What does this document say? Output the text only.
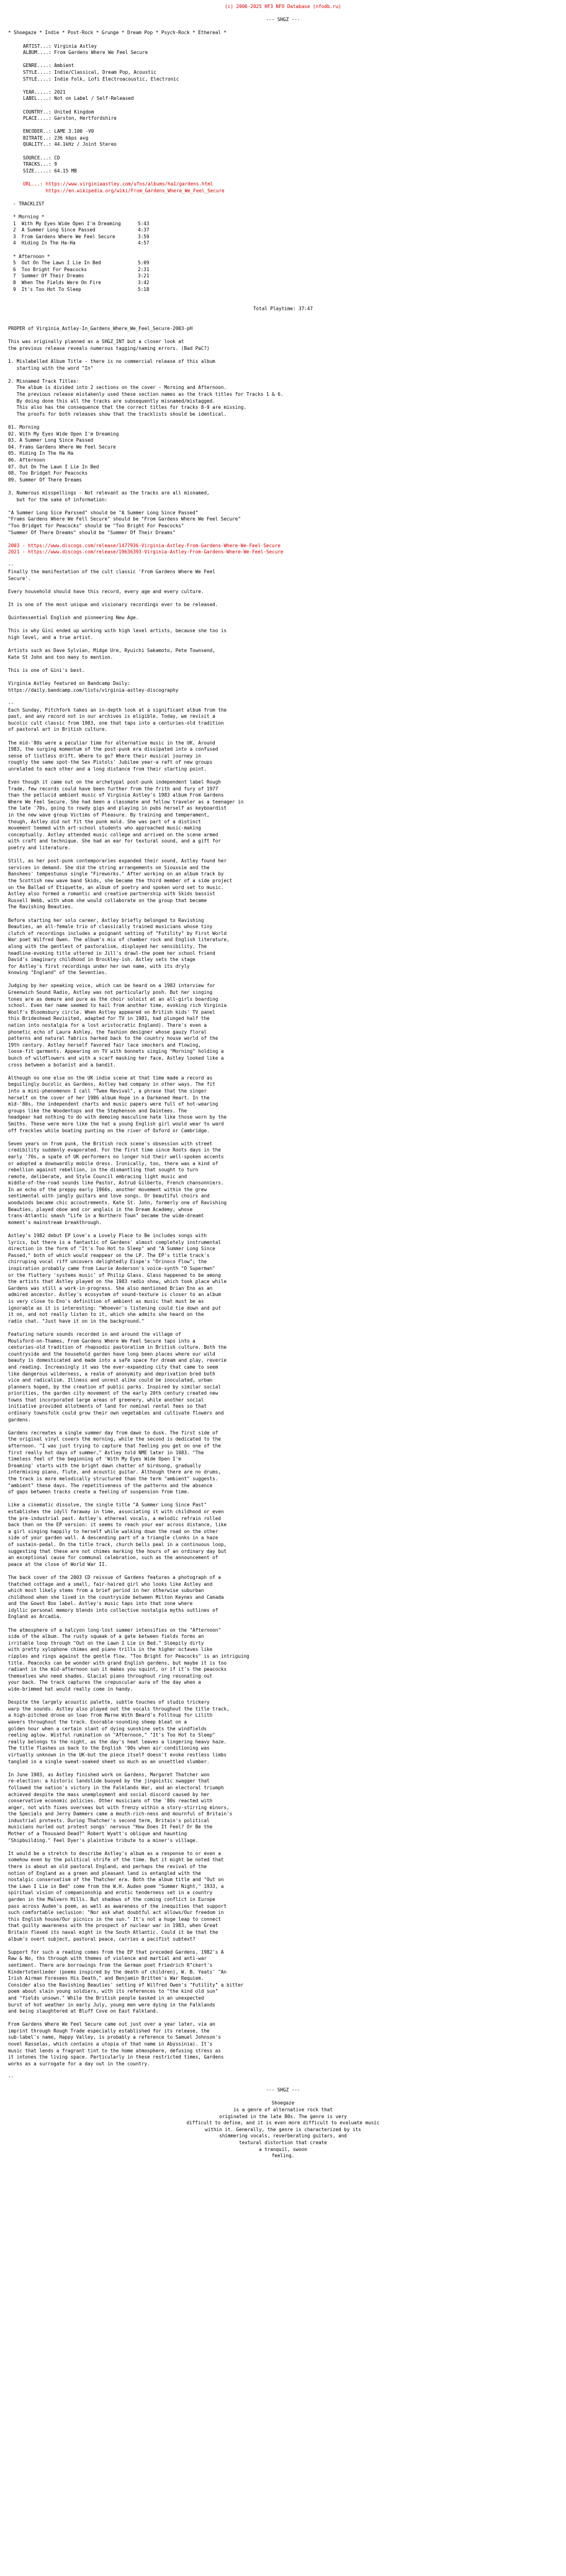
(c) 2006-2025 HF3 NFO Database (nfodb.ru)
--- SHGZ ---
* Shoegaze * Indie * Post-Rock * Grunge * Dream Pop * Psych-Rock * Ethereal *
ARTIST...: Virginia Astley
ALBUM....: From Gardens Where We Feel Secure
GENRE....: Ambient
STYLE....: Indie/Classical, Dream Pop, Acoustic
STYLE....: Indie Folk, Lofi Electroacoustic, Electronic
YEAR.....: 2021
LABEL....: Not on Label / Self-Released
COUNTRY..: United Kingdom
PLACE....: Garston, Hertfordshire
ENCODER..: LAME 3.100 -V0
BITRATE..: 236 kbps avg
QUALITY..: 44.1kHz / Joint Stereo
SOURCE...: CD
TRACKS...: 9
SIZE.....: 64.15 MB
URL...: https://www.virginiaastley.com/ufos/albums/ha1/gardens.html
https://en.wikipedia.org/wiki/From_Gardens_Where_We_Feel_Secure
- TRACKLIST
* Morning *
1  With My Eyes Wide Open I'm Dreaming      5:43
2  A Summer Long Since Passed               4:37
3  From Gardens Where We Feel Secure        3:59
4  Hiding In The Ha-Ha                      4:57
* Afternoon *
5  Out On The Lawn I Lie In Bed             5:09
6  Too Bright For Peacocks                  2:31
7  Summer Of Their Dreams                   3:21
8  When The Fields Were On Fire             3:42
9  It's Too Hot To Sleep                    5:18
Total Playtime: 37:47
PROPER of Virginia_Astley-In_Gardens_Where_We_Feel_Secure-2003-pH
This was originally planned as a SHGZ_INT but a closer look at
the previous release reveals numerous tagging/naming errors. (Bad PaC?)
1. Mislabelled Album Title - there is no commercial release of this album
starting with the word "In"
2. Misnamed Track Titles:
The album is divided into 2 sections on the cover - Morning and Afternoon.
The previous release mistakenly used these section names as the track titles for Tracks 1 & 6.
By doing done this all the tracks are subsequently misnamed/mistagged.
This also has the consequence that the correct titles for tracks 8-9 are missing.
The proofs for both releases show that the tracklists should be identical.
01. Morning
02. With My Eyes Wide Open I'm Dreaming
03. A Summer Long Since Passed
04. Frams Gardens Where We Feel Secure
05. Hiding In The Ha Ha
06. Afternoon
07. Out On The Lawn I Lie In Bed
08. Too Bridget For Peacocks
09. Summer Of There Dreams
3. Numerous misspellings - Not relevant as the tracks are all misnamed,
but for the sake of information:
"A Summer Long Sice Parssed" should be "A Summer Long Since Passed"
"Frams Gardens Where We Fell Secure" should be "From Gardens Where We Feel Secure"
"Too Bridget for Peacocks" should be "Too Bright For Peacocks"
"Summer Of There Dreams" should be "Summer Of Their Dreams"
2003 - https://www.discogs.com/release/1477936-Virginia-Astley-From-Gardens-Where-We-Feel-Secure
2021 - https://www.discogs.com/release/19636393-Virginia-Astley-From-Gardens-Where-We-Feel-Secure
--
Finally the manifestation of the cult classic 'From Gardens Where We Feel
Secure'.
Every household should have this record, every age and every culture.
It is one of the most unique and visionary recordings ever to be released.
Quintessential English and pioneering New Age.
This is why Gini ended up working with high level artists, because she too is
high level, and a true artist.
Artists such as Dave Sylvian, Midge Ure, Ryuichi Sakamoto, Pete Townsend,
Kate St John and too many to mention.
This is one of Gini's best.
Virginia Astley featured on Bandcamp Daily:
https://daily.bandcamp.com/lists/virginia-astley-discography
--
Each Sunday, Pitchfork takes an in-depth look at a significant album from the
past, and any record not in our archives is eligible. Today, we revisit a
bucolic cult classic from 1983, one that taps into a centuries-old tradition
of pastoral art in British culture.
The mid-'80s were a peculiar time for alternative music in the UK. Around
1983, the surging momentum of the post-punk era dissipated into a confused
sense of listless drift. Where to go? Where their musical journey in
roughly the same spot-the Sex Pistols' Jubilee year-a raft of new groups
unrelated to each other and a long distance from their starting point.
Even though it came out on the archetypal post-punk independent label Rough
Trade, few records could have been further from the frith and fury of 1977
than the pellucid ambient music of Virginia Astley's 1983 album From Gardens
Where We Feel Secure. She had been a classmate and fellow traveler as a teenager in
the late '70s, going to rowdy gigs and playing in pubs herself as keyboardist
in the new wave group Victims of Pleasure. By training and temperament,
though, Astley did not fit the punk mold. She was part of a distinct
movement teemed with art-school students who approached music-making
conceptually. Astley attended music college and arrived on the scene armed
with craft and technique. She had an ear for textural sound, and a gift for
poetry and literature.
Still, as her post-punk contemporaries expanded their sound, Astley found her
services in demand. She did the string arrangements on Siouxsie and the
Banshees' tempestuous single "Fireworks." After working on an album track by
the Scottish new wave band Skids, she became the third member of a side project
on the Ballad of Etiquette, an album of poetry and spoken word set to music.
Astley also formed a romantic and creative partnership with Skids bassist
Russell Webb, with whom she would collaborate on the group that became
The Ravishing Beauties.
Before starting her solo career, Astley briefly belonged to Ravishing
Beauties, an all-female trio of classically trained musicians whose tiny
clutch of recordings includes a poignant setting of "Futility" by First World
War poet Wilfred Owen. The album's mix of chamber rock and English literature,
along with the gentlest of pastoralism, displayed her sensibility. The
headline-evoking title uttered in Jill's drawl-the poem her school friend
David's imaginary childhood in Brockley-ish. Astley sets the stage
for Astley's first recordings under her own name, with its dryly
knowing "England" of the Seventies.
Judging by her speaking voice, which can be heard on a 1983 interview for
Greenwich Sound Radio, Astley was not particularly posh. But her singing
tones are as demure and pure as the choir soloist at an all-girls boarding
school. Even her name seemed to hail from another time, evoking rich Virginia
Woolf's Bloomsbury circle. When Astley appeared on British kids' TV panel
this Brideshead Revisited, adapted for TV in 1981, had plunged half the
nation into nostalgia for a lost aristocratic England). There's even a
phonetic echo of Laura Ashley, the fashion designer whose gauzy floral
patterns and natural fabrics harked back to the country house world of the
19th century. Astley herself favored fair lace smockers and flowing,
loose-fit garments. Appearing on TV with bonnets singing "Morning" holding a
bunch of wildflowers and with a scarf masking her face, Astley looked like a
cross between a botanist and a bandit.
Although no one else on the UK indie scene at that time made a record as
beguilingly bucolic as Gardens, Astley had company in other ways. The fit
into a mini-phenomenon I call "Twee Revival", a phrase that the singer
herself on the cover of her 1986 album Hope in a Darkened Heart. In the
mid-'80s, the independent charts and music papers were full of hot-wearing
groups like the Woodentops and the Stephenson and Daintees. The
headgear had nothing to do with demoing masculine hate like those worn by the
Smiths. These were more like the hat a young English girl would wear to ward
off freckles while boating punting on the river of Oxford or Cambridge.
Seven years on from punk, the British rock scene's obsession with street
credibility suddenly evaporated. For the first time since Roots days in the
early '70s, a spate of UK performers no longer hid their well-spoken accents
or adopted a downwardly mobile dress. Ironically, too, there was a kind of
rebellion against rebellion, in the dismantling that sought to turn
remote, deliberate, and Style Council embracing light music and
middle-of-the-road sounds like Pastor, Astrud Gilberto, French chansonniers.
In an echo of the preppy early 1960s, another movement within the grew
sentimental with jangly guitars and love songs. Or beautiful choirs and
woodwinds became chic accoutrements. Kate St. John, formerly one of Ravishing
Beauties, played oboe and cor anglais in the Dream Academy, whose
trans-Atlantic smash "Life in a Northern Town" became the wide-dreamt
moment's mainstream breakthrough.
Astley's 1982 debut EP Love's a Lovely Place to Be includes songs with
lyrics, but there is a fantastic of Gardens' almost completely instrumental
direction in the form of "It's Too Hot to Sleep" and "A Summer Long Since
Passed," both of which would reappear on the LP. The EP's title track's
chirruping vocal riff uncovers delightedly Eispe's "Orinoco Flow"; the
inspiration probably came from Laurie Anderson's voice-synth "O Superman"
or the fluttery 'systems music' of Philip Glass. Glass happened to be among
the artists that Astley played on the 1983 radio show, which took place while
Gardens was still a work-in-progress. She also mentioned Brian Eno as an
admired ancestor. Astley's ecosystem of sound-texture is closer to an album
is very close to Eno's definition of ambient as music that must be as
ignorable as it is interesting: "Whoever's listening could tie down and put
it on, and not really listen to it, which she admits she heard on the
radio chat. "Just have it on in the background."
Featuring nature sounds recorded in and around the village of
Moulsford-on-Thames, From Gardens Where We Feel Secure taps into a
centuries-old tradition of rhapsodic pastoralism in British culture. Both the
countryside and the household garden have long been places where our wild
beauty is domesticated and made into a safe space for dream and play, reverie
and reading. Increasingly it was the ever-expanding city that came to seem
like dangerous wilderness, a realm of anonymity and deprivation bred both
vice and radicalism. Illness and unrest alike could be inoculated, urban
planners hoped, by the creation of public parks. Inspired by similar social
priorities, the garden city movement of the early 20th century created new
towns that incorporated large areas of greenery, while another social
initiative provided allotments of land for nominal rental fees so that
ordinary townsfolk could grow their own vegetables and cultivate flowers and
gardens.
Gardens recreates a single summer day from dawn to dusk. The first side of
the original vinyl covers the morning, while the second is dedicated to the
afternoon. "I was just trying to capture that feeling you get on one of the
first really hot days of summer," Astley told NME later in 1983. "The
timeless feel of the beginning of 'With My Eyes Wide Open I'm
Dreaming' starts with the bright dawn chatter of birdsong, gradually
intermixing piano, flute, and acoustic guitar. Although there are no drums,
the track is more melodically structured than the term "ambient" suggests.
"ambient" these days. The repetitiveness of the patterns and the absence
of gaps between tracks create a feeling of suspension from time.
Like a cinematic dissolve, the single title "A Summer Long Since Past"
establishes the idyll faraway in time, associating it with childhood or even
the pre-industrial past. Astley's ethereal vocals, a melodic refrain rolled
back then on the EP version: it seems to reach your ear across distance, like
a girl singing happily to herself while walking down the road on the other
side of your garden wall. A descending part of a triangle clonks in a haze
of sustain-pedal. On the title track, church bells peal in a continuous loop,
suggesting that these are not chimes marking the hours of an ordinary day but
an exceptional cause for communal celebration, such as the announcement of
peace at the close of World War II.
The back cover of the 2003 CD reissue of Gardens features a photograph of a
thatched cottage and a small, fair-haired girl who looks like Astley and
which most likely stems from a brief period in her otherwise suburban
childhood when she lived in the countryside between Milton Keynes and Canada
and the Gowst Box label. Astley's music taps into that zone where
idyllic personal memory blends into collective nostalgia myths outlines of
England as Arcadia.
The atmosphere of a halcyon long-lost summer intensifies on the "Afternoon"
side of the album. The rusty squeak of a gate between fields forms an
irritable loop through "Out on the Lawn I Lie in Bed." Sleepily dirty
with pretty xylophone chimes and piano trills in the higher octaves like
ripples and rings against the gentle flow. "Too Bright for Peacocks" is an intriguing
title. Peacocks can be wonder with grand English gardens, but maybe it is too
radiant in the mid-afternoon sun it makes you squint, or if it's the peacocks
themselves who need shades. Glacial piano throughout ring resonating out
your back. The track captures the crepuscular aura of the day when a
wide-brimmed hat would really come in handy.
Despite the largely acoustic palette, subtle touches of studio trickery
warp the sounds. Astley also played out the vocals throughout the title track,
a high-pitched drone on loan from Marne With Beard's Folltoup for Lilith
wavers throughout the track. Exorable-sounding sheep bleat on a
golden hour when a certain slant of dying sunshine sets the windfields
reeling aglow. Wistful rumination on "Afternoon," "It's Too Hot to Sleep"
really belongs to the night, as the day's heat leaves a lingering heavy haze.
The title flashes us back to the English '90s when air conditioning was
virtually unknown in the UK-but the piece itself doesn't evoke restless limbs
tangled in a single sweat-soaked sheet so much as an unsettled slumber.
In June 1983, as Astley finished work on Gardens, Margaret Thatcher won
re-election: a historic landslide buoyed by the jingoistic swagger that
followed the nation's victory in the Falklands War, and an electoral triumph
achieved despite the mass unemployment and social discord caused by her
conservative economic policies. Other musicians of the '80s reacted with
anger, not with fixes overseas but with frenzy within a story-stirring minors,
the Specials and Jerry Dammers came a mouth-rich-ness and mournful of Britain's
industrial protests. During Thatcher's second term, Britain's political
musicians hurled out protest songs' nervous "How Does It Feel? Or Be the
Mother of a Thousand Dead?" Robert Wyatt's oblique and haunting
"Shipbuilding." Feel Dyer's plaintive tribute to a miner's village.
It would be a stretch to describe Astley's album as a response to or even a
somehow even by the political strife of the time. But it might be noted that
there is about an old pastoral England, and perhaps the revival of the
notion of England as a green and pleasant land is entangled with the
nostalgic conservatism of the Thatcher era. Both the album title and "Out on
the Lawn I Lie in Bed" come from the W.H. Auden poem "Summer Night," 1933, a
spiritual vision of companionship and erotic tenderness set in a country
garden in the Malvern Hills. But shadows of the coming conflict in Europe
pass across Auden's poem, as well as awareness of the inequities that support
such comfortable seclusion: "Nor ask what doubtful act allows/Our freedom in
this English house/Our picnics in the sun." It's not a huge leap to connect
that guilty awareness with the prospect of nuclear war in 1983, when Great
Britain flexed its naval might in the South Atlantic. Could it be that the
album's overt subject, pastoral peace, carries a pacifist subtext?
Support for such a reading comes from the EP that preceded Gardens, 1982's A
Raw & No, ths through with themes of violence and martial and anti-war
sentiment. There are borrowings from the German poet Friedrich R"ckert's
Kindertotenlieder (poems inspired by the death of children), W. B. Yeats' "An
Irish Airman Foresees His Death," and Benjamin Britten's War Requiem.
Consider also the Ravishing Beauties' setting of Wilfred Owen's "Futility" a bitter
poem about slain young soldiers, with its references to "the kind old sun"
and "fields unsown." While the British people basked in an unexpected
burst of hot weather in early July, young men were dying in the Falklands
and being slaughtered at Bluff Cove on East Falkland.
From Gardens Where We Feel Secure came out just over a year later, via an
imprint through Rough Trade especially established for its release, the
sub-label's name, Happy Valley, is probably a reference to Samuel Johnson's
novel Rasselas, which contains a utopia of that name in Abyssinia). It's
music that lends a fragrant tint to the home atmosphere, defusing stress as
it intones the living space. Particularly in these restricted times, Gardens
works as a surrogate for a day out in the country.
--
--- SHGZ ---
Shoegaze
is a genre of alternative rock that
originated in the late 80s. The genre is very
difficult to define, and it is even more difficult to evaluate music
within it. Generally, the genre is characterized by its
shimmering vocals, reverberating guitars, and
textural distortion that create
a tranquil, swoon
feeling.
